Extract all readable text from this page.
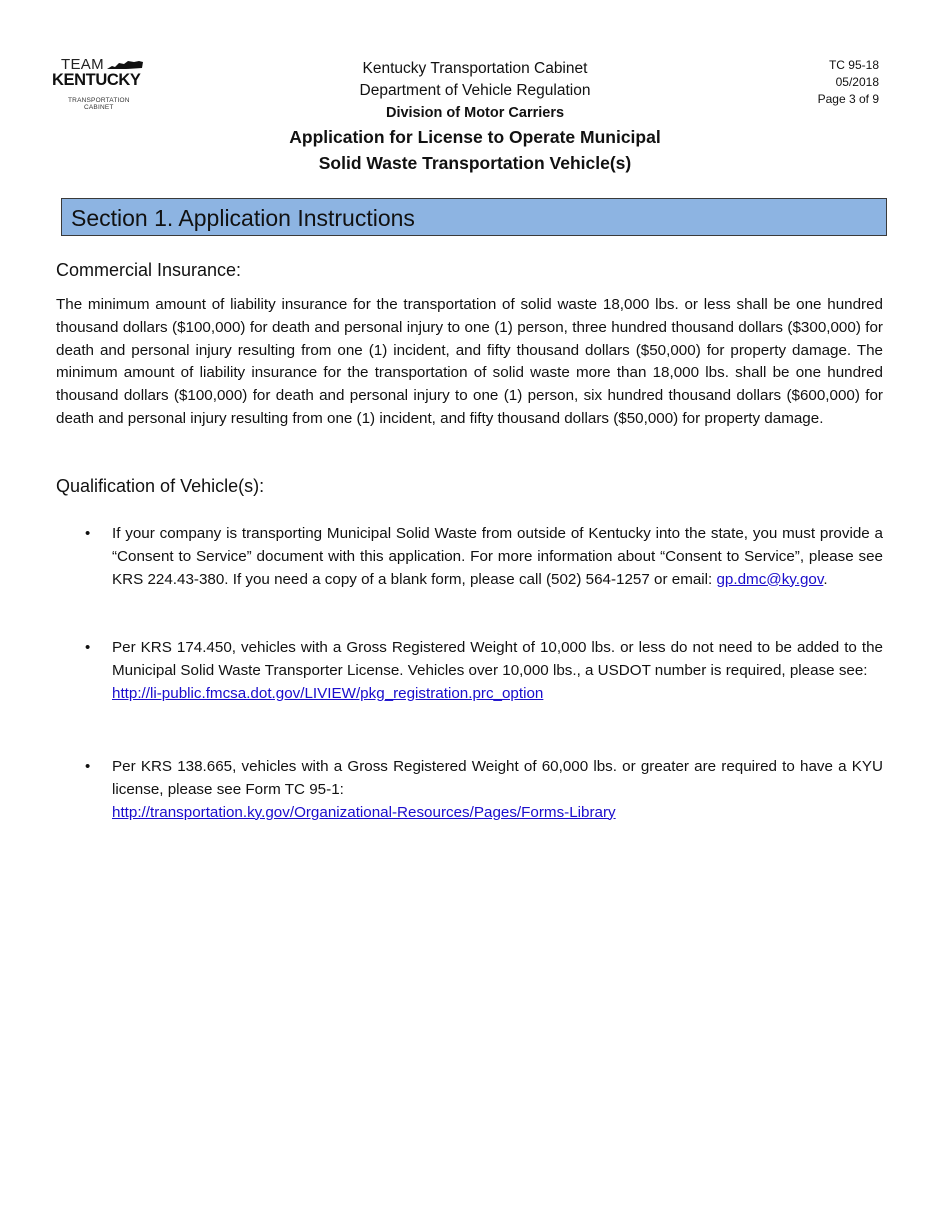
TEAM
KENTUCKY
TRANSPORTATION
CABINET
TC 95-18
05/2018
Page 3 of 9
Kentucky Transportation Cabinet
Department of Vehicle Regulation
Division of Motor Carriers
Application for License to Operate Municipal
Solid Waste Transportation Vehicle(s)
Section 1. Application Instructions
Commercial Insurance:
The minimum amount of liability insurance for the transportation of solid waste 18,000 lbs. or less shall be one hundred thousand dollars ($100,000) for death and personal injury to one (1) person, three hundred thousand dollars ($300,000) for death and personal injury resulting from one (1) incident, and fifty thousand dollars ($50,000) for property damage. The minimum amount of liability insurance for the transportation of solid waste more than 18,000 lbs. shall be one hundred thousand dollars ($100,000) for death and personal injury to one (1) person, six hundred thousand dollars ($600,000) for death and personal injury resulting from one (1) incident, and fifty thousand dollars ($50,000) for property damage.
Qualification of Vehicle(s):
• If your company is transporting Municipal Solid Waste from outside of Kentucky into the state, you must provide a “Consent to Service” document with this application. For more information about “Consent to Service”, please see KRS 224.43-380. If you need a copy of a blank form, please call (502) 564-1257 or email: gp.dmc@ky.gov.
• Per KRS 174.450, vehicles with a Gross Registered Weight of 10,000 lbs. or less do not need to be added to the Municipal Solid Waste Transporter License. Vehicles over 10,000 lbs., a USDOT number is required, please see:
http://li-public.fmcsa.dot.gov/LIVIEW/pkg_registration.prc_option
• Per KRS 138.665, vehicles with a Gross Registered Weight of 60,000 lbs. or greater are required to have a KYU license, please see Form TC 95-1:
http://transportation.ky.gov/Organizational-Resources/Pages/Forms-Library
